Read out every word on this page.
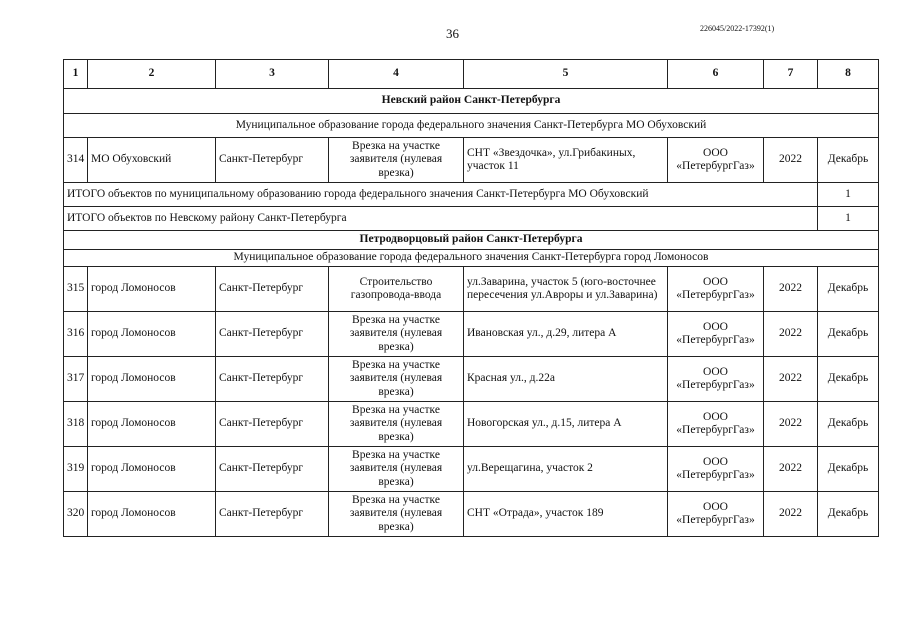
36	226045/2022-17392(1)
1	2	3	4	5	6	7	8
Невский район Санкт-Петербурга							
Муниципальное образование города федерального значения Санкт-Петербурга МО Обуховский							
314	МО Обуховский	Санкт-Петербург	Врезка на участке заявителя (нулевая врезка)	СНТ «Звездочка», ул.Грибакиных, участок 11	ООО «ПетербургГаз»	2022	Декабрь
ИТОГО объектов по муниципальному образованию города федерального значения Санкт-Петербурга МО Обуховский							1
ИТОГО объектов по Невскому району Санкт-Петербурга							1
Петродворцовый район Санкт-Петербурга							
Муниципальное образование города федерального значения Санкт-Петербурга город Ломоносов							
315	город Ломоносов	Санкт-Петербург	Строительство газопровода-ввода	ул.Заварина, участок 5 (юго-восточнее пересечения ул.Авроры и ул.Заварина)	ООО «ПетербургГаз»	2022	Декабрь
316	город Ломоносов	Санкт-Петербург	Врезка на участке заявителя (нулевая врезка)	Ивановская ул., д.29, литера А	ООО «ПетербургГаз»	2022	Декабрь
317	город Ломоносов	Санкт-Петербург	Врезка на участке заявителя (нулевая врезка)	Красная ул., д.22а	ООО «ПетербургГаз»	2022	Декабрь
318	город Ломоносов	Санкт-Петербург	Врезка на участке заявителя (нулевая врезка)	Новогорская ул., д.15, литера А	ООО «ПетербургГаз»	2022	Декабрь
319	город Ломоносов	Санкт-Петербург	Врезка на участке заявителя (нулевая врезка)	ул.Верещагина, участок 2	ООО «ПетербургГаз»	2022	Декабрь
320	город Ломоносов	Санкт-Петербург	Врезка на участке заявителя (нулевая врезка)	СНТ «Отрада», участок 189	ООО «ПетербургГаз»	2022	Декабрь
